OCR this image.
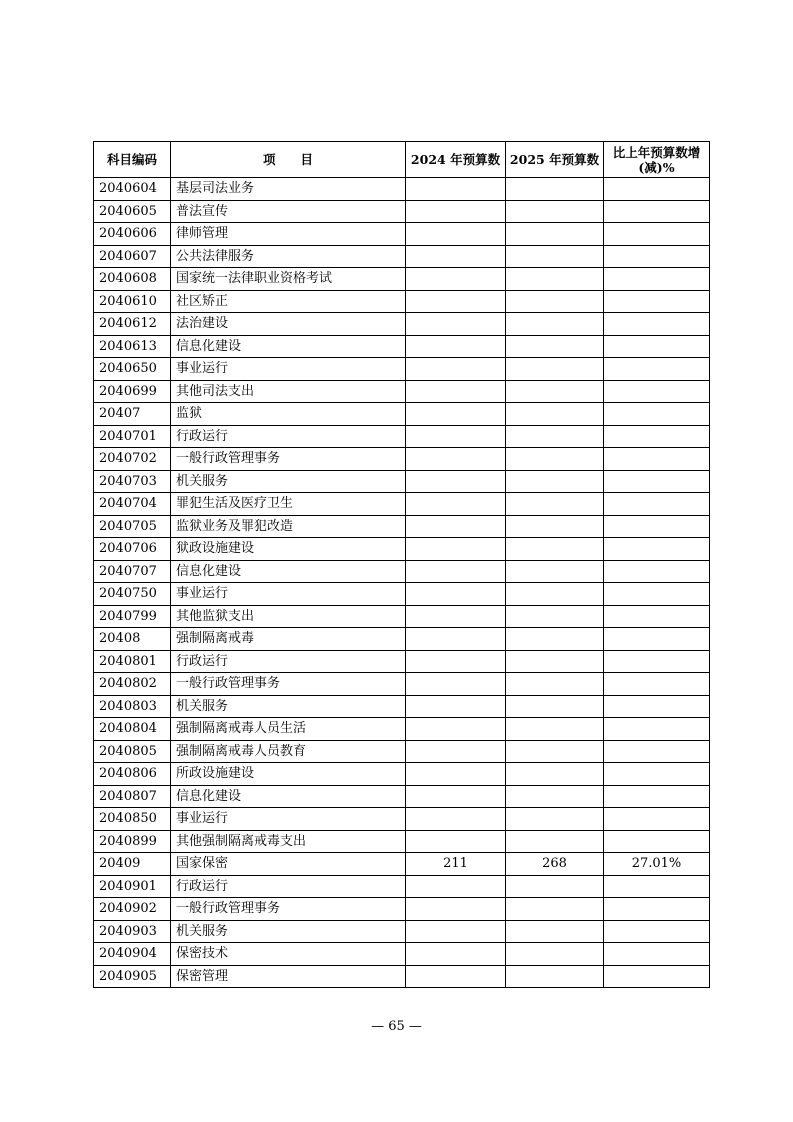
科目编码	项　　目	2024 年预算数	2025 年预算数	比上年预算数增 (减)%
2040604	基层司法业务			
2040605	普法宣传			
2040606	律师管理			
2040607	公共法律服务			
2040608	国家统一法律职业资格考试			
2040610	社区矫正			
2040612	法治建设			
2040613	信息化建设			
2040650	事业运行			
2040699	其他司法支出			
20407	监狱			
2040701	行政运行			
2040702	一般行政管理事务			
2040703	机关服务			
2040704	罪犯生活及医疗卫生			
2040705	监狱业务及罪犯改造			
2040706	狱政设施建设			
2040707	信息化建设			
2040750	事业运行			
2040799	其他监狱支出			
20408	强制隔离戒毒			
2040801	行政运行			
2040802	一般行政管理事务			
2040803	机关服务			
2040804	强制隔离戒毒人员生活			
2040805	强制隔离戒毒人员教育			
2040806	所政设施建设			
2040807	信息化建设			
2040850	事业运行			
2040899	其他强制隔离戒毒支出			
20409	国家保密	211	268	27.01%
2040901	行政运行			
2040902	一般行政管理事务			
2040903	机关服务			
2040904	保密技术			
2040905	保密管理			
— 65 —
